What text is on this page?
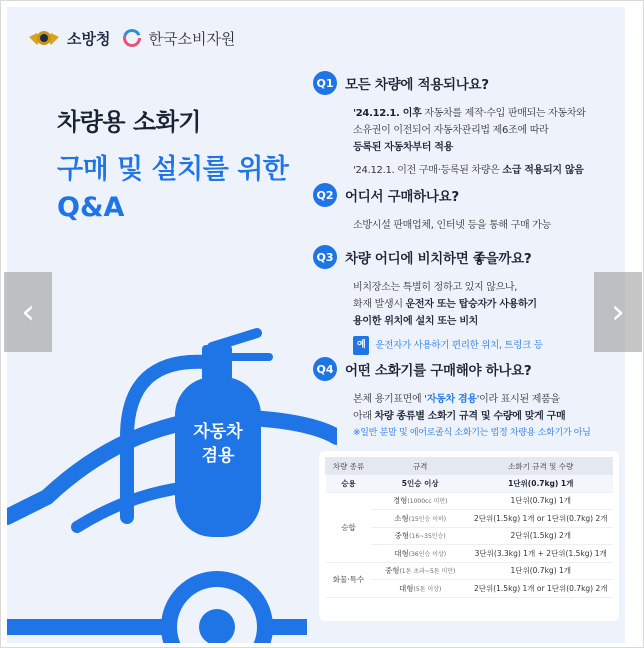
소방청	한국소비자원
차량용 소화기
구매 및 설치를 위한
Q&A
자동차
겸용
Q1 모든 차량에 적용되나요?

'24.12.1. 이후 자동차를 제작·수입 판매되는 자동차와

소유권이 이전되어 자동차관리법 제6조에 따라

등록된 자동차부터 적용

'24.12.1. 이전 구매·등록된 차량은 소급 적용되지 않음

Q2 어디서 구매하나요?

소방시설 판매업체, 인터넷 등을 통해 구매 가능

Q3 차량 어디에 비치하면 좋을까요?

비치장소는 특별히 정하고 있지 않으나,

화재 발생시 운전자 또는 탑승자가 사용하기

용이한 위치에 설치 또는 비치

예	운전자가 사용하기 편리한 위치, 트렁크 등
Q4 어떤 소화기를 구매해야 하나요?

본체 용기표면에 '자동차 겸용'이라 표시된 제품을

아래 차량 종류별 소화기 규격 및 수량에 맞게 구매

※일반 분말 및 에어로졸식 소화기는 법정 차량용 소화기가 아님

차량 종류	규격	소화기 규격 및 수량
승용	5인승 이상	1단위(0.7kg) 1개
승합	경형(1000cc 미만)	1단위(0.7kg) 1개
	소형(15인승 이하)	2단위(1.5kg) 1개 or 1단위(0.7kg) 2개
	중형(16~35인승)	2단위(1.5kg) 2개
	대형(36인승 이상)	3단위(3.3kg) 1개 + 2단위(1.5kg) 1개
화물·특수	중형(1톤 초과~5톤 미만)	1단위(0.7kg) 1개
	대형(5톤 이상)	2단위(1.5kg) 1개 or 1단위(0.7kg) 2개
‹	›
